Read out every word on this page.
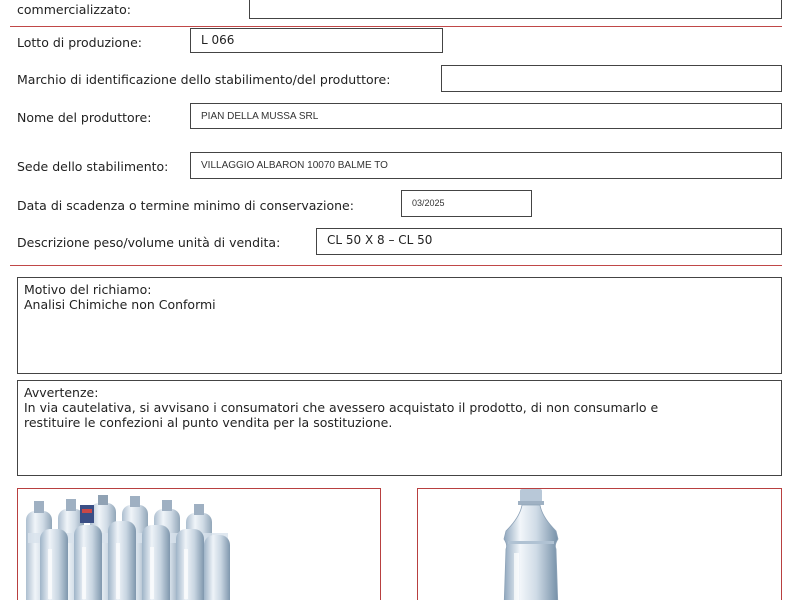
commercializzato:
Lotto di produzione:	L 066
Marchio di identificazione dello stabilimento/del produttore:
Nome del produttore:	PIAN DELLA MUSSA SRL
Sede dello stabilimento:	VILLAGGIO ALBARON 10070 BALME TO
Data di scadenza o termine minimo di conservazione:	03/2025
Descrizione peso/volume unità di vendita:	CL 50 X 8 – CL 50
Motivo del richiamo:
Analisi Chimiche non Conformi
Avvertenze:
In via cautelativa, si avvisano i consumatori che avessero acquistato il prodotto, di non consumarlo e
restituire le confezioni al punto vendita per la sostituzione.
